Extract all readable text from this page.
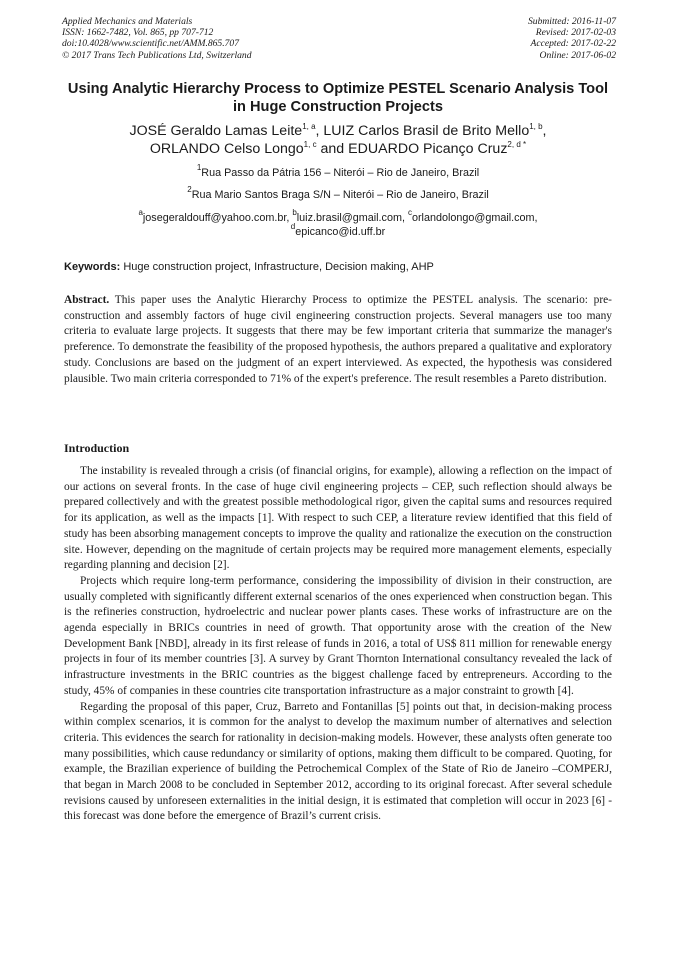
Applied Mechanics and Materials
ISSN: 1662-7482, Vol. 865, pp 707-712
doi:10.4028/www.scientific.net/AMM.865.707
© 2017 Trans Tech Publications Ltd, Switzerland
Submitted: 2016-11-07
Revised: 2017-02-03
Accepted: 2017-02-22
Online: 2017-06-02
Using Analytic Hierarchy Process to Optimize PESTEL Scenario Analysis Tool in Huge Construction Projects
JOSÉ Geraldo Lamas Leite$^{1, a}$, LUIZ Carlos Brasil de Brito Mello$^{1, b}$,
ORLANDO Celso Longo$^{1, c}$ and EDUARDO Picanço Cruz$^{2, d *}$
$^1$Rua Passo da Pátria 156 – Niterói – Rio de Janeiro, Brazil
$^2$Rua Mario Santos Braga S/N – Niterói – Rio de Janeiro, Brazil
$^a$josegeraldouff@yahoo.com.br, $^b$luiz.brasil@gmail.com, $^c$orlandolongo@gmail.com,
$^d$epicanco@id.uff.br
Keywords: Huge construction project, Infrastructure, Decision making, AHP
Abstract. This paper uses the Analytic Hierarchy Process to optimize the PESTEL analysis. The scenario: pre-construction and assembly factors of huge civil engineering construction projects. Several managers use too many criteria to evaluate large projects. It suggests that there may be few important criteria that summarize the manager's preference. To demonstrate the feasibility of the proposed hypothesis, the authors prepared a qualitative and exploratory study. Conclusions are based on the judgment of an expert interviewed. As expected, the hypothesis was considered plausible. Two main criteria corresponded to 71% of the expert's preference. The result resembles a Pareto distribution.
Introduction

The instability is revealed through a crisis (of financial origins, for example), allowing a reflection on the impact of our actions on several fronts. In the case of huge civil engineering projects – CEP, such reflection should always be prepared collectively and with the greatest possible methodological rigor, given the capital sums and resources required for its application, as well as the impacts [1]. With respect to such CEP, a literature review identified that this field of study has been absorbing management concepts to improve the quality and rationalize the execution on the construction site. However, depending on the magnitude of certain projects may be required more management elements, especially regarding planning and decision [2].

Projects which require long-term performance, considering the impossibility of division in their construction, are usually completed with significantly different external scenarios of the ones experienced when construction began. This is the refineries construction, hydroelectric and nuclear power plants cases. These works of infrastructure are on the agenda especially in BRICs countries in need of growth. That opportunity arose with the creation of the New Development Bank [NBD], already in its first release of funds in 2016, a total of US$ 811 million for renewable energy projects in four of its member countries [3]. A survey by Grant Thornton International consultancy revealed the lack of infrastructure investments in the BRIC countries as the biggest challenge faced by entrepreneurs. According to the study, 45% of companies in these countries cite transportation infrastructure as a major constraint to growth [4].

Regarding the proposal of this paper, Cruz, Barreto and Fontanillas [5] points out that, in decision-making process within complex scenarios, it is common for the analyst to develop the maximum number of alternatives and selection criteria. This evidences the search for rationality in decision-making models. However, these analysts often generate too many possibilities, which cause redundancy or similarity of options, making them difficult to be compared. Quoting, for example, the Brazilian experience of building the Petrochemical Complex of the State of Rio de Janeiro –COMPERJ, that began in March 2008 to be concluded in September 2012, according to its original forecast. After several schedule revisions caused by unforeseen externalities in the initial design, it is estimated that completion will occur in 2023 [6] - this forecast was done before the emergence of Brazil’s current crisis.
